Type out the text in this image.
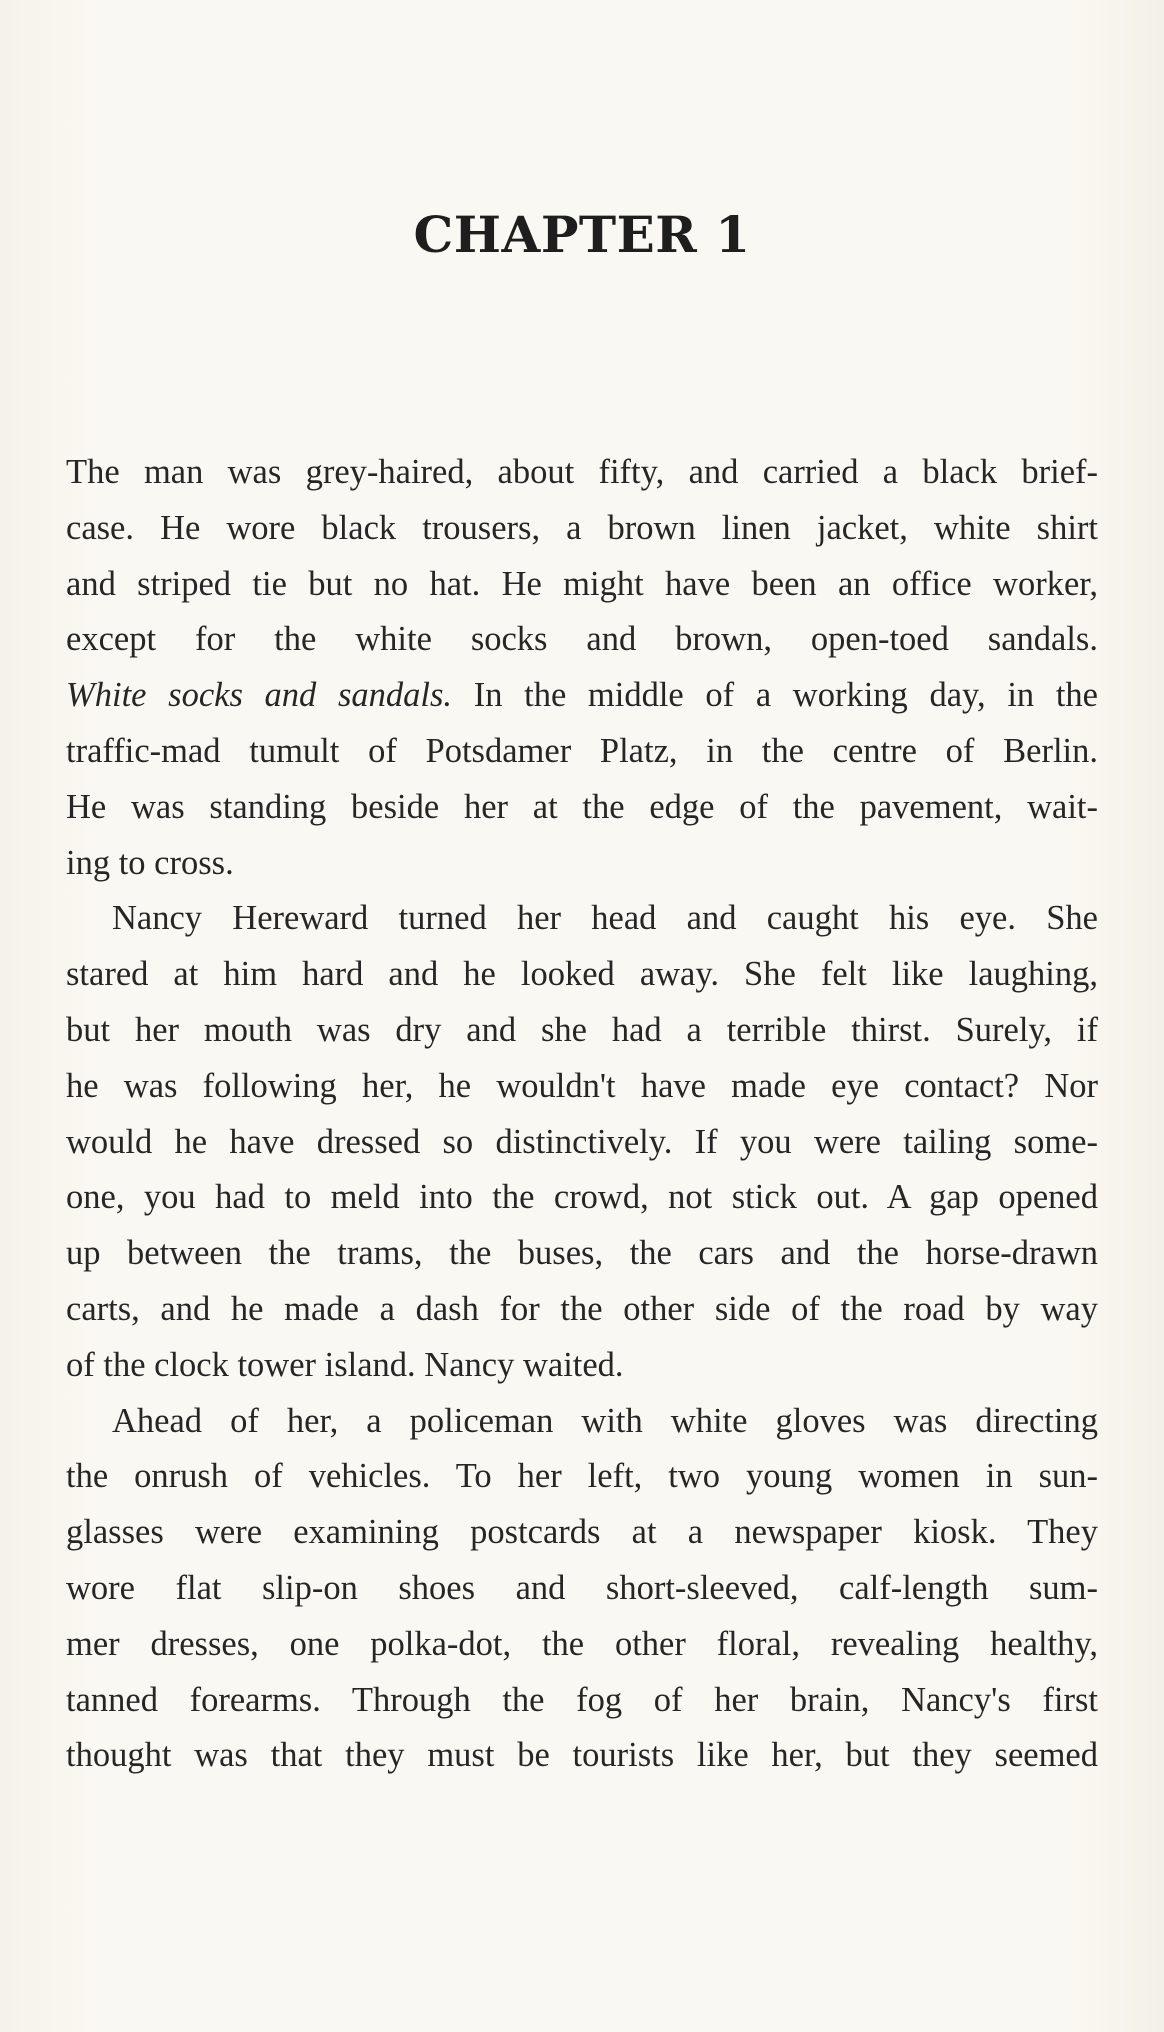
CHAPTER 1
The man was grey-haired, about fifty, and carried a black brief-
case. He wore black trousers, a brown linen jacket, white shirt
and striped tie but no hat. He might have been an office worker,
except for the white socks and brown, open-toed sandals.
White socks and sandals. In the middle of a working day, in the
traffic-mad tumult of Potsdamer Platz, in the centre of Berlin.
He was standing beside her at the edge of the pavement, wait-
ing to cross.
Nancy Hereward turned her head and caught his eye. She
stared at him hard and he looked away. She felt like laughing,
but her mouth was dry and she had a terrible thirst. Surely, if
he was following her, he wouldn't have made eye contact? Nor
would he have dressed so distinctively. If you were tailing some-
one, you had to meld into the crowd, not stick out. A gap opened
up between the trams, the buses, the cars and the horse-drawn
carts, and he made a dash for the other side of the road by way
of the clock tower island. Nancy waited.
Ahead of her, a policeman with white gloves was directing
the onrush of vehicles. To her left, two young women in sun-
glasses were examining postcards at a newspaper kiosk. They
wore flat slip-on shoes and short-sleeved, calf-length sum-
mer dresses, one polka-dot, the other floral, revealing healthy,
tanned forearms. Through the fog of her brain, Nancy's first
thought was that they must be tourists like her, but they seemed
